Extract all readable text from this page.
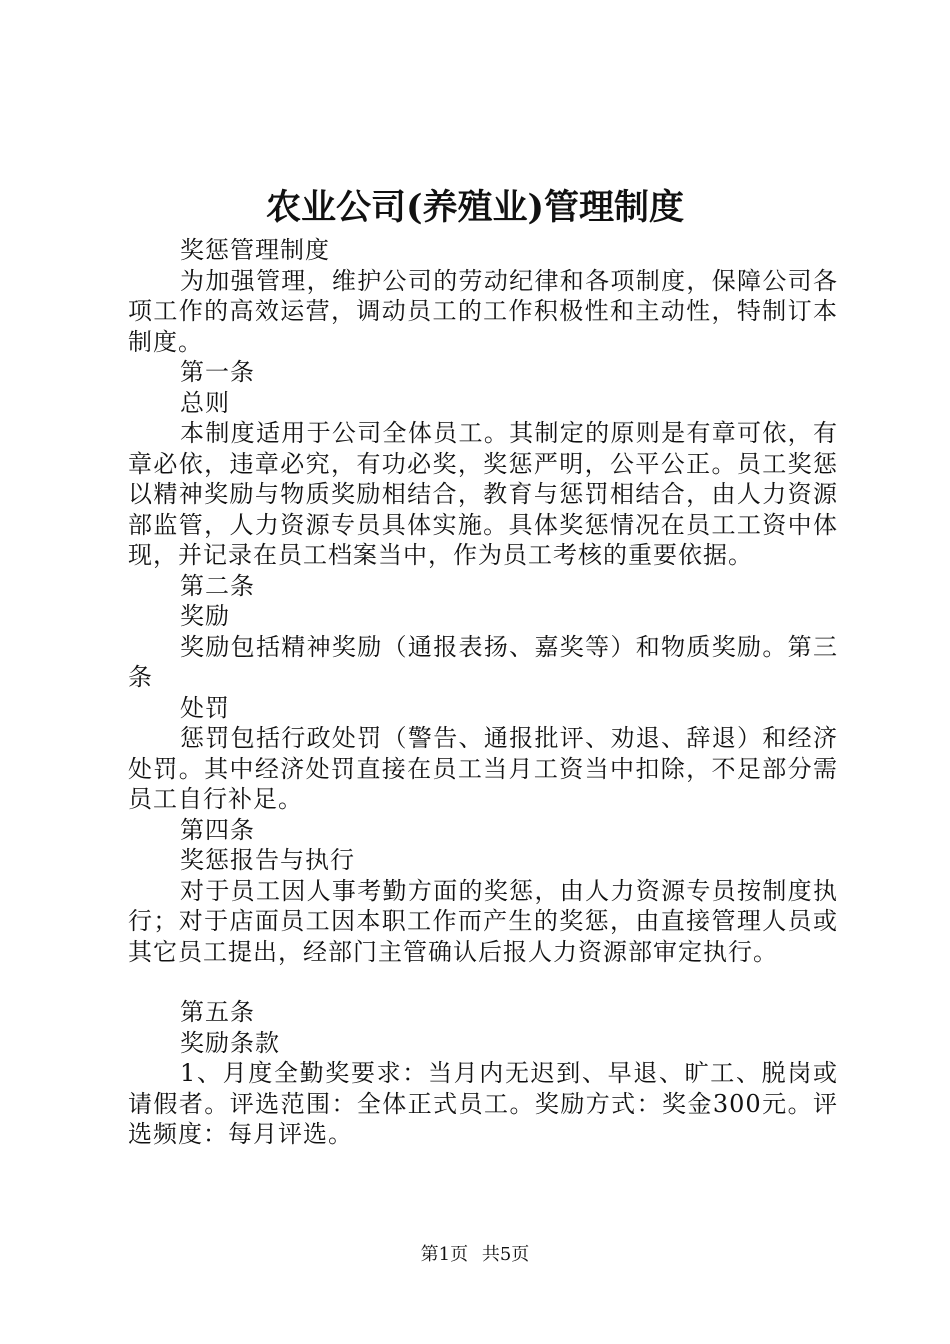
农业公司(养殖业)管理制度

奖惩管理制度

为加强管理，维护公司的劳动纪律和各项制度，保障公司各项工作的高效运营，调动员工的工作积极性和主动性，特制订本制度。

第一条

总则

本制度适用于公司全体员工。其制定的原则是有章可依，有章必依，违章必究，有功必奖，奖惩严明，公平公正。员工奖惩以精神奖励与物质奖励相结合，教育与惩罚相结合，由人力资源部监管，人力资源专员具体实施。具体奖惩情况在员工工资中体现，并记录在员工档案当中，作为员工考核的重要依据。

第二条

奖励

奖励包括精神奖励（通报表扬、嘉奖等）和物质奖励。第三条

处罚

惩罚包括行政处罚（警告、通报批评、劝退、辞退）和经济处罚。其中经济处罚直接在员工当月工资当中扣除，不足部分需员工自行补足。

第四条

奖惩报告与执行

对于员工因人事考勤方面的奖惩，由人力资源专员按制度执行；对于店面员工因本职工作而产生的奖惩，由直接管理人员或其它员工提出，经部门主管确认后报人力资源部审定执行。

第五条

奖励条款

1、月度全勤奖要求：当月内无迟到、早退、旷工、脱岗或请假者。评选范围：全体正式员工。奖励方式：奖金300元。评选频度：每月评选。

第1页 共5页
